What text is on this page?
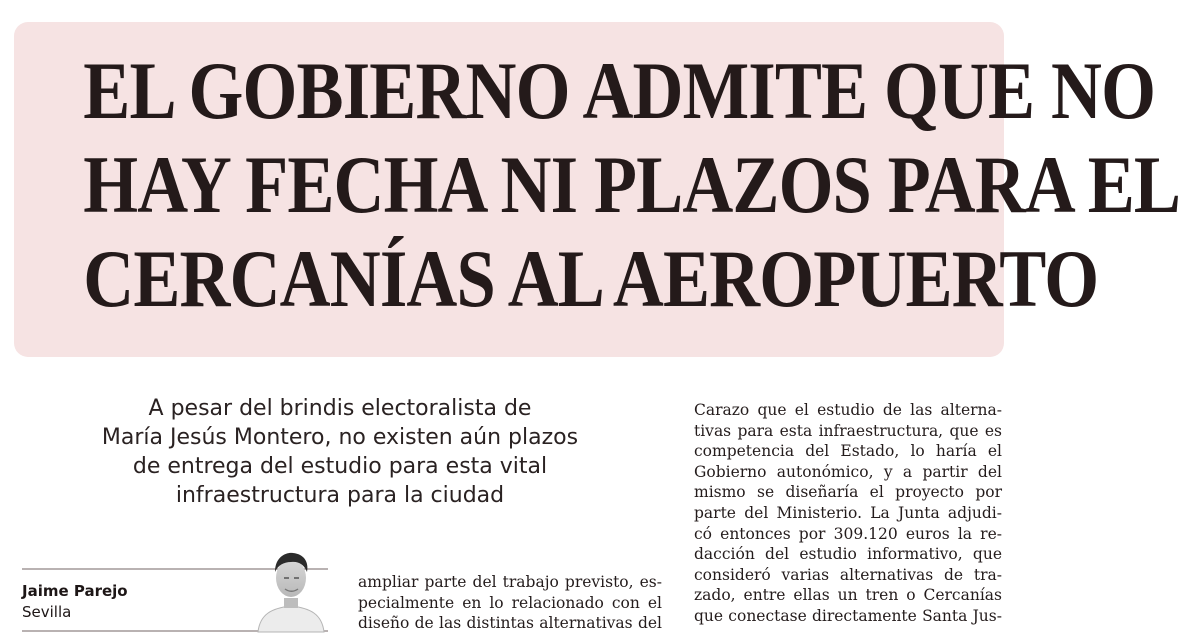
EL GOBIERNO ADMITE QUE NO
HAY FECHA NI PLAZOS PARA EL
CERCANÍAS AL AEROPUERTO

A pesar del brindis electoralista de
María Jesús Montero, no existen aún plazos
de entrega del estudio para esta vital
infraestructura para la ciudad

Jaime Parejo
Sevilla

ampliar parte del trabajo previsto, es-
pecialmente en lo relacionado con el
diseño de las distintas alternativas del

Carazo que el estudio de las alterna-
tivas para esta infraestructura, que es
competencia del Estado, lo haría el
Gobierno autonómico, y a partir del
mismo se diseñaría el proyecto por
parte del Ministerio. La Junta adjudi-
có entonces por 309.120 euros la re-
dacción del estudio informativo, que
consideró varias alternativas de tra-
zado, entre ellas un tren o Cercanías
que conectase directamente Santa Jus-
